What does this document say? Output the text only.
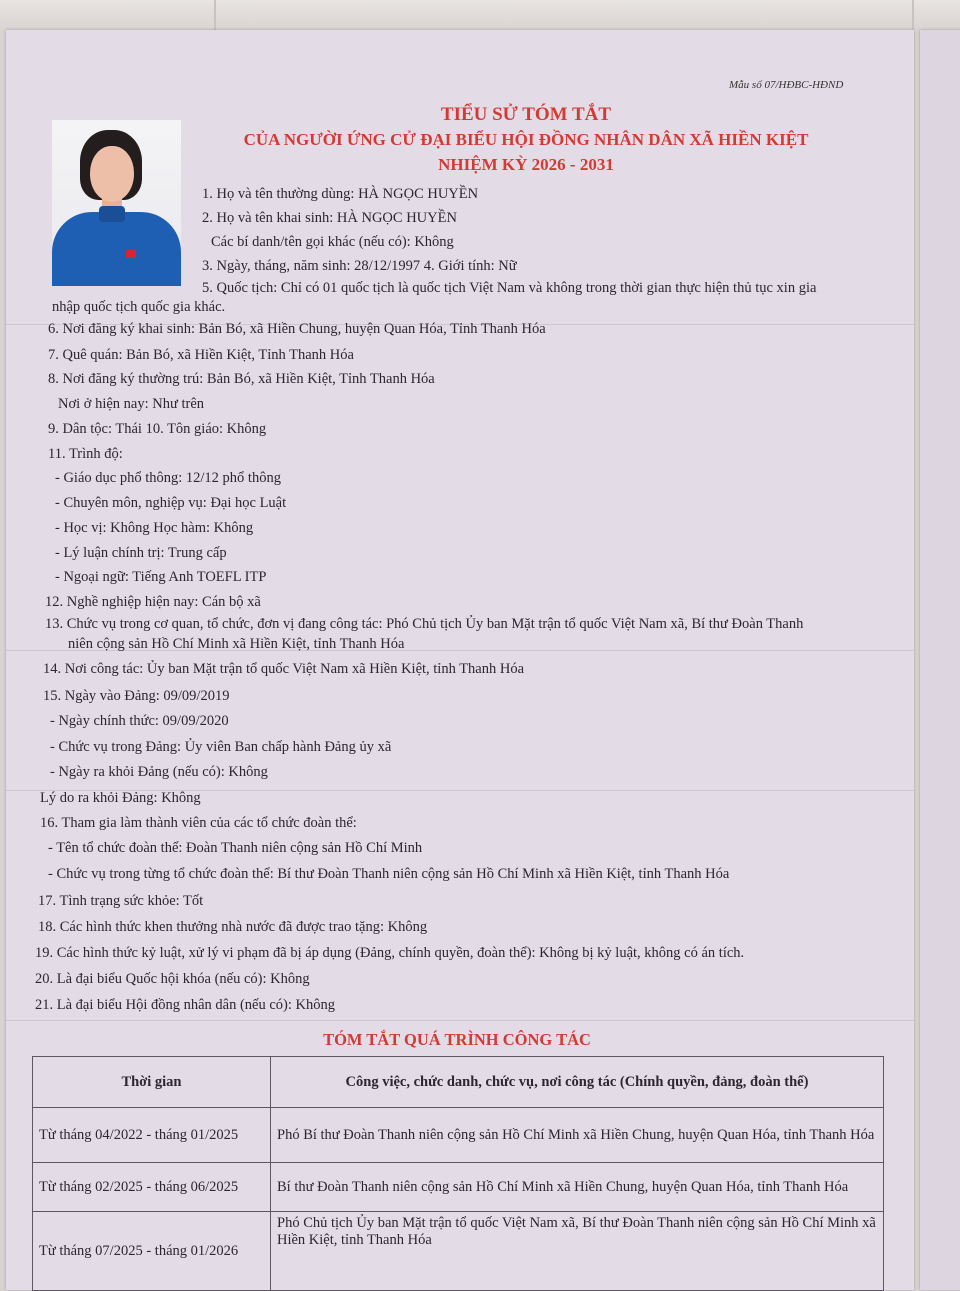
Mẫu số 07/HĐBC-HĐND
TIỂU SỬ TÓM TẮT
CỦA NGƯỜI ỨNG CỬ ĐẠI BIỂU HỘI ĐỒNG NHÂN DÂN XÃ HIỀN KIỆT
NHIỆM KỲ 2026 - 2031
1. Họ và tên thường dùng: HÀ NGỌC HUYỀN
2. Họ và tên khai sinh: HÀ NGỌC HUYỀN
Các bí danh/tên gọi khác (nếu có): Không
3. Ngày, tháng, năm sinh: 28/12/1997 4. Giới tính: Nữ
5. Quốc tịch: Chỉ có 01 quốc tịch là quốc tịch Việt Nam và không trong thời gian thực hiện thủ tục xin gia
nhập quốc tịch quốc gia khác.
6. Nơi đăng ký khai sinh: Bản Bó, xã Hiền Chung, huyện Quan Hóa, Tỉnh Thanh Hóa
7. Quê quán: Bản Bó, xã Hiền Kiệt, Tỉnh Thanh Hóa
8. Nơi đăng ký thường trú: Bản Bó, xã Hiền Kiệt, Tỉnh Thanh Hóa
Nơi ở hiện nay: Như trên
9. Dân tộc: Thái 10. Tôn giáo: Không
11. Trình độ:
- Giáo dục phổ thông: 12/12 phổ thông
- Chuyên môn, nghiệp vụ: Đại học Luật
- Học vị: Không Học hàm: Không
- Lý luận chính trị: Trung cấp
- Ngoại ngữ: Tiếng Anh TOEFL ITP
12. Nghề nghiệp hiện nay: Cán bộ xã
13. Chức vụ trong cơ quan, tổ chức, đơn vị đang công tác: Phó Chủ tịch Ủy ban Mặt trận tổ quốc Việt Nam xã, Bí thư Đoàn Thanh
niên cộng sản Hồ Chí Minh xã Hiền Kiệt, tỉnh Thanh Hóa
14. Nơi công tác: Ủy ban Mặt trận tổ quốc Việt Nam xã Hiền Kiệt, tỉnh Thanh Hóa
15. Ngày vào Đảng: 09/09/2019
- Ngày chính thức: 09/09/2020
- Chức vụ trong Đảng: Ủy viên Ban chấp hành Đảng ủy xã
- Ngày ra khỏi Đảng (nếu có): Không
Lý do ra khỏi Đảng: Không
16. Tham gia làm thành viên của các tổ chức đoàn thể:
- Tên tổ chức đoàn thể: Đoàn Thanh niên cộng sản Hồ Chí Minh
- Chức vụ trong từng tổ chức đoàn thể: Bí thư Đoàn Thanh niên cộng sản Hồ Chí Minh xã Hiền Kiệt, tỉnh Thanh Hóa
17. Tình trạng sức khỏe: Tốt
18. Các hình thức khen thưởng nhà nước đã được trao tặng: Không
19. Các hình thức kỷ luật, xử lý vi phạm đã bị áp dụng (Đảng, chính quyền, đoàn thể): Không bị kỷ luật, không có án tích.
20. Là đại biểu Quốc hội khóa (nếu có): Không
21. Là đại biểu Hội đồng nhân dân (nếu có): Không
TÓM TẮT QUÁ TRÌNH CÔNG TÁC
Thời gian	Công việc, chức danh, chức vụ, nơi công tác (Chính quyền, đảng, đoàn thể)
Từ tháng 04/2022 - tháng 01/2025	Phó Bí thư Đoàn Thanh niên cộng sản Hồ Chí Minh xã Hiền Chung, huyện Quan Hóa, tỉnh Thanh Hóa
Từ tháng 02/2025 - tháng 06/2025	Bí thư Đoàn Thanh niên cộng sản Hồ Chí Minh xã Hiền Chung, huyện Quan Hóa, tỉnh Thanh Hóa
Từ tháng 07/2025 - tháng 01/2026	Phó Chủ tịch Ủy ban Mặt trận tổ quốc Việt Nam xã, Bí thư Đoàn Thanh niên cộng sản Hồ Chí Minh xã Hiền Kiệt, tỉnh Thanh Hóa
